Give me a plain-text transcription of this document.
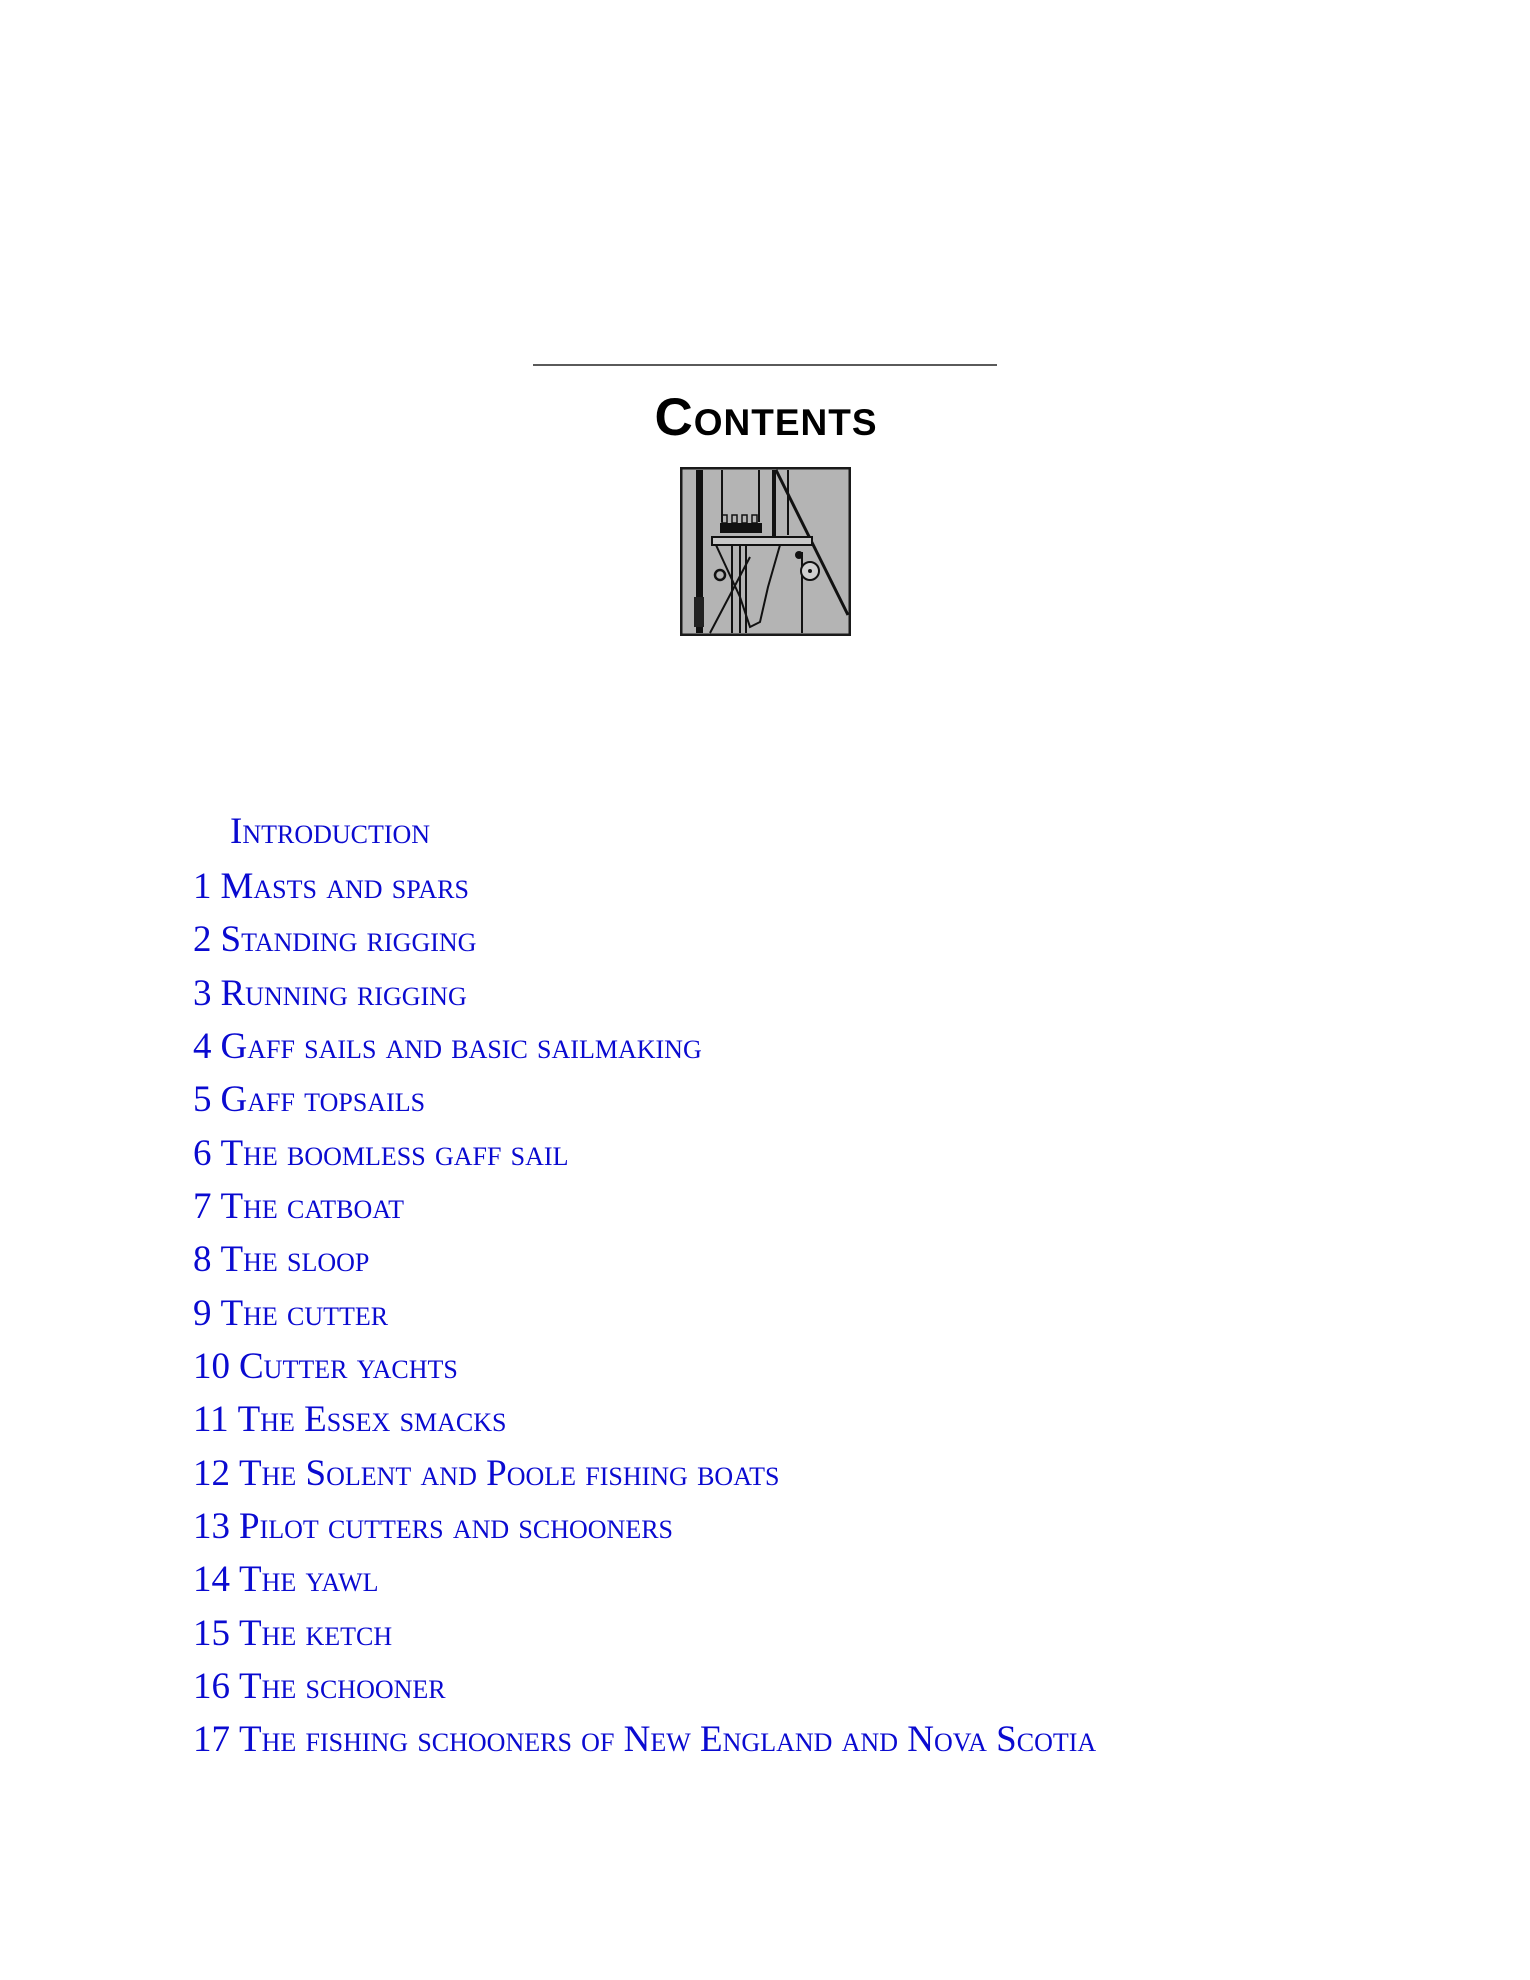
Contents
Introduction
1 Masts and spars
2 Standing rigging
3 Running rigging
4 Gaff sails and basic sailmaking
5 Gaff topsails
6 The boomless gaff sail
7 The catboat
8 The sloop
9 The cutter
10 Cutter yachts
11 The Essex smacks
12 The Solent and Poole fishing boats
13 Pilot cutters and schooners
14 The yawl
15 The ketch
16 The schooner
17 The fishing schooners of New England and Nova Scotia
